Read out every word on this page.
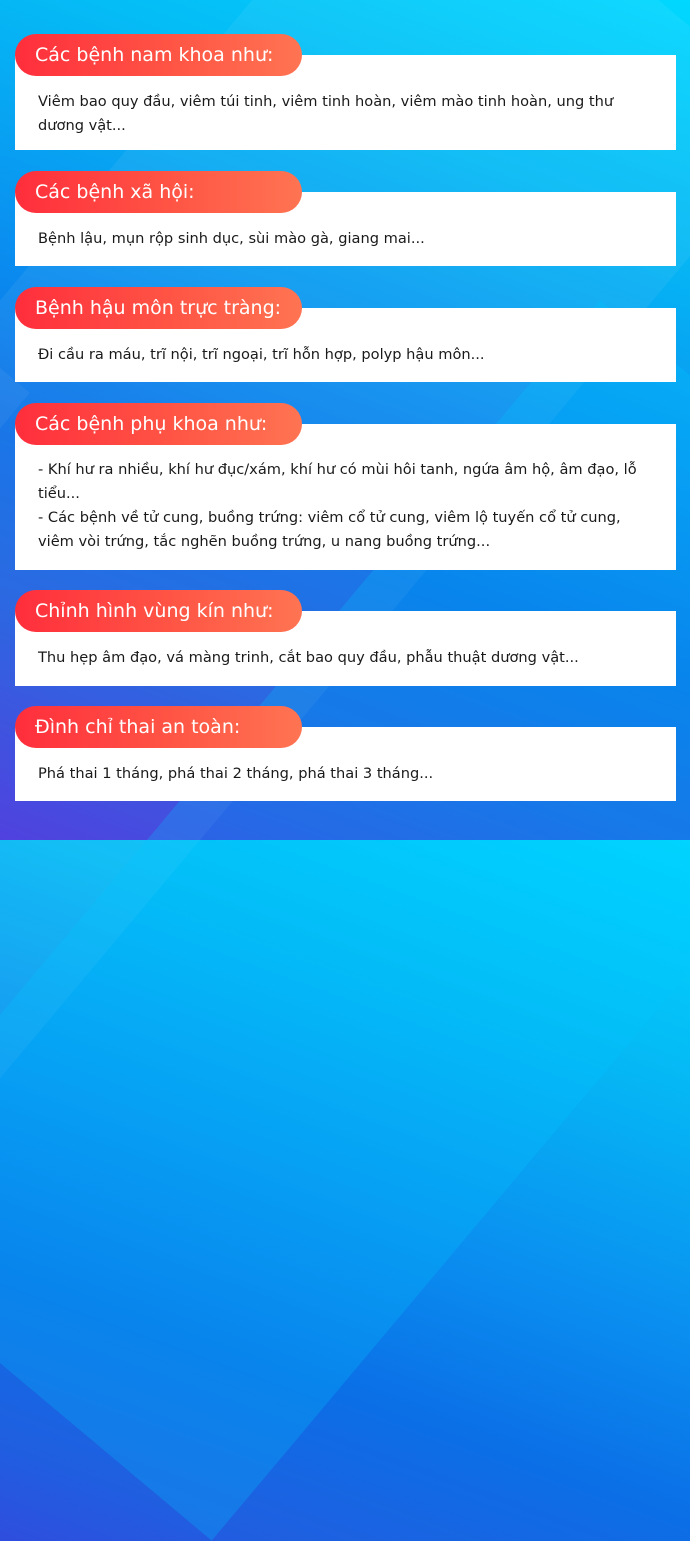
Viêm bao quy đầu, viêm túi tinh, viêm tinh hoàn, viêm mào tinh hoàn, ung thư dương vật...
Các bệnh nam khoa như:
Bệnh lậu, mụn rộp sinh dục, sùi mào gà, giang mai...
Các bệnh xã hội:
Đi cầu ra máu, trĩ nội, trĩ ngoại, trĩ hỗn hợp, polyp hậu môn...
Bệnh hậu môn trực tràng:
- Khí hư ra nhiều, khí hư đục/xám, khí hư có mùi hôi tanh, ngứa âm hộ, âm đạo, lỗ tiểu...
- Các bệnh về tử cung, buồng trứng: viêm cổ tử cung, viêm lộ tuyến cổ tử cung, viêm vòi trứng, tắc nghẽn buồng trứng, u nang buồng trứng...
Các bệnh phụ khoa như:
Thu hẹp âm đạo, vá màng trinh, cắt bao quy đầu, phẫu thuật dương vật...
Chỉnh hình vùng kín như:
Phá thai 1 tháng, phá thai 2 tháng, phá thai 3 tháng...
Đình chỉ thai an toàn:
